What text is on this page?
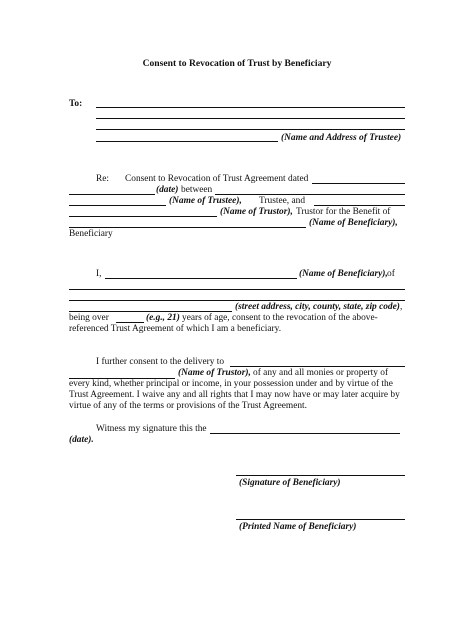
Consent to Revocation of Trust by Beneficiary
To:
(Name and Address of Trustee)
Re: Consent to Revocation of Trust Agreement dated
(date) between
(Name of Trustee), Trustee, and
(Name of Trustor), Trustor for the Benefit of
(Name of Beneficiary),
Beneficiary
I,	(Name of Beneficiary), of
(street address, city, county, state, zip code) ,
being over	(e.g., 21) years of age, consent to the revocation of the above-
referenced Trust Agreement of which I am a beneficiary.
I further consent to the delivery to
(Name of Trustor), of any and all monies or property of
every kind, whether principal or income, in your possession under and by virtue of the
Trust Agreement. I waive any and all rights that I may now have or may later acquire by
virtue of any of the terms or provisions of the Trust Agreement.
Witness my signature this the
(date).
(Signature of Beneficiary)
(Printed Name of Beneficiary)
